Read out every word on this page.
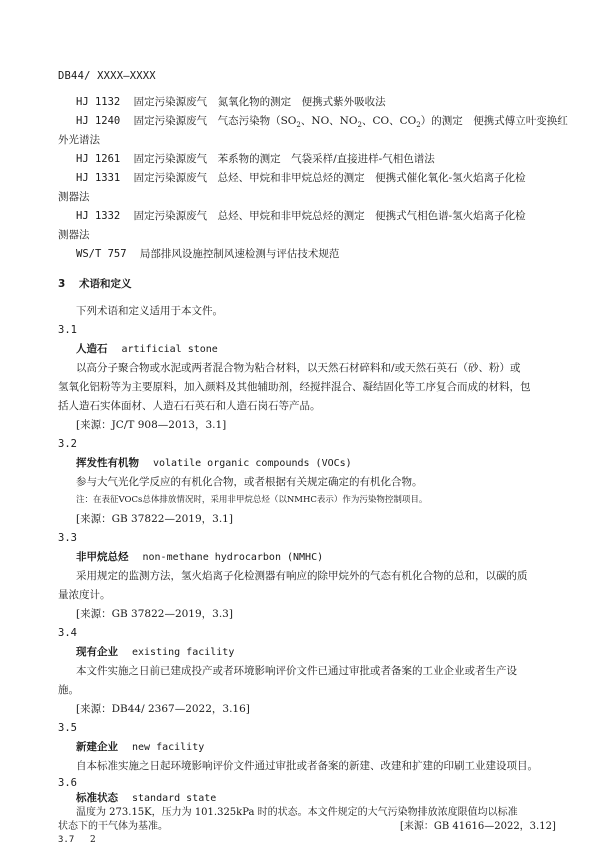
DB44/ XXXX—XXXX
HJ 1132 固定污染源废气　氮氧化物的测定　便携式紫外吸收法
HJ 1240 固定污染源废气　气态污染物（$SO_2$、NO、$NO_2$、CO、$CO_2$）的测定　便携式傅立叶变换红
外光谱法
HJ 1261 固定污染源废气　苯系物的测定　气袋采样/直接进样-气相色谱法
HJ 1331 固定污染源废气　总烃、甲烷和非甲烷总烃的测定　便携式催化氧化-氢火焰离子化检
测器法
HJ 1332 固定污染源废气　总烃、甲烷和非甲烷总烃的测定　便携式气相色谱-氢火焰离子化检
测器法
WS/T 757 局部排风设施控制风速检测与评估技术规范
3 术语和定义
下列术语和定义适用于本文件。
3.1
人造石 artificial stone
以高分子聚合物或水泥或两者混合物为粘合材料，以天然石材碎料和/或天然石英石（砂、粉）或
氢氧化铝粉等为主要原料，加入颜料及其他辅助剂，经搅拌混合、凝结固化等工序复合而成的材料，包
括人造石实体面材、人造石石英石和人造石岗石等产品。
[来源：JC/T 908—2013，3.1]
3.2
挥发性有机物 volatile organic compounds (VOCs)
参与大气光化学反应的有机化合物，或者根据有关规定确定的有机化合物。
注：在表征VOCs总体排放情况时，采用非甲烷总烃（以NMHC表示）作为污染物控制项目。
[来源：GB 37822—2019，3.1]
3.3
非甲烷总烃 non-methane hydrocarbon (NMHC)
采用规定的监测方法，氢火焰离子化检测器有响应的除甲烷外的气态有机化合物的总和，以碳的质
量浓度计。
[来源：GB 37822—2019，3.3]
3.4
现有企业 existing facility
本文件实施之日前已建成投产或者环境影响评价文件已通过审批或者备案的工业企业或者生产设
施。
[来源：DB44/ 2367—2022，3.16]
3.5
新建企业 new facility
自本标准实施之日起环境影响评价文件通过审批或者备案的新建、改建和扩建的印刷工业建设项目。
3.6
标准状态 standard state
温度为 273.15K，压力为 101.325kPa 时的状态。本文件规定的大气污染物排放浓度限值均以标准
状态下的干气体为基准。	[来源：GB 41616—2022，3.12]
3.7 2
